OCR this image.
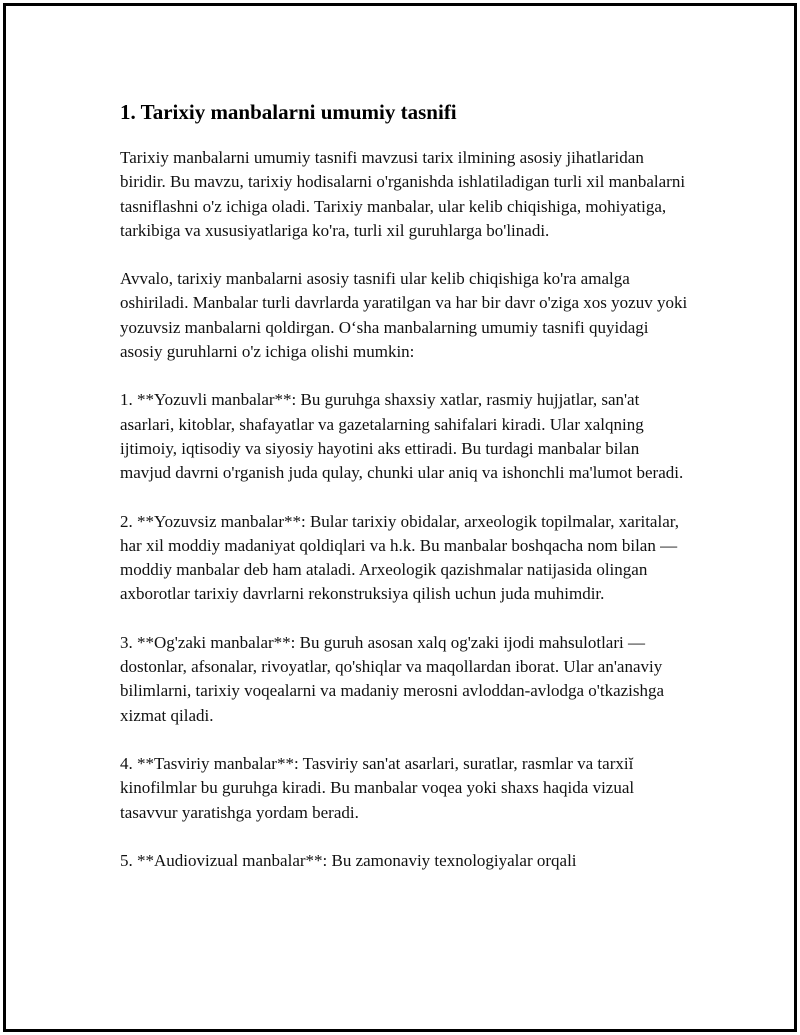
1. Tarixiy manbalarni umumiy tasnifi

Tarixiy manbalarni umumiy tasnifi mavzusi tarix ilmining asosiy jihatlaridan biridir. Bu mavzu, tarixiy hodisalarni o'rganishda ishlatiladigan turli xil manbalarni tasniflashni o'z ichiga oladi. Tarixiy manbalar, ular kelib chiqishiga, mohiyatiga, tarkibiga va xususiyatlariga ko'ra, turli xil guruhlarga bo'linadi.

Avvalo, tarixiy manbalarni asosiy tasnifi ular kelib chiqishiga ko'ra amalga oshiriladi. Manbalar turli davrlarda yaratilgan va har bir davr o'ziga xos yozuv yoki yozuvsiz manbalarni qoldirgan. O‘sha manbalarning umumiy tasnifi quyidagi asosiy guruhlarni o'z ichiga olishi mumkin:

1. **Yozuvli manbalar**: Bu guruhga shaxsiy xatlar, rasmiy hujjatlar, san'at asarlari, kitoblar, shafayatlar va gazetalarning sahifalari kiradi. Ular xalqning ijtimoiy, iqtisodiy va siyosiy hayotini aks ettiradi. Bu turdagi manbalar bilan mavjud davrni o'rganish juda qulay, chunki ular aniq va ishonchli ma'lumot beradi.

2. **Yozuvsiz manbalar**: Bular tarixiy obidalar, arxeologik topilmalar, xaritalar, har xil moddiy madaniyat qoldiqlari va h.k. Bu manbalar boshqacha nom bilan — moddiy manbalar deb ham ataladi. Arxeologik qazishmalar natijasida olingan axborotlar tarixiy davrlarni rekonstruksiya qilish uchun juda muhimdir.

3. **Og'zaki manbalar**: Bu guruh asosan xalq og'zaki ijodi mahsulotlari — dostonlar, afsonalar, rivoyatlar, qo'shiqlar va maqollardan iborat. Ular an'anaviy bilimlarni, tarixiy voqealarni va madaniy merosni avloddan-avlodga o'tkazishga xizmat qiladi.

4. **Tasviriy manbalar**: Tasviriy san'at asarlari, suratlar, rasmlar va tarxiĭ kinofilmlar bu guruhga kiradi. Bu manbalar voqea yoki shaxs haqida vizual tasavvur yaratishga yordam beradi.

5. **Audiovizual manbalar**: Bu zamonaviy texnologiyalar orqali
